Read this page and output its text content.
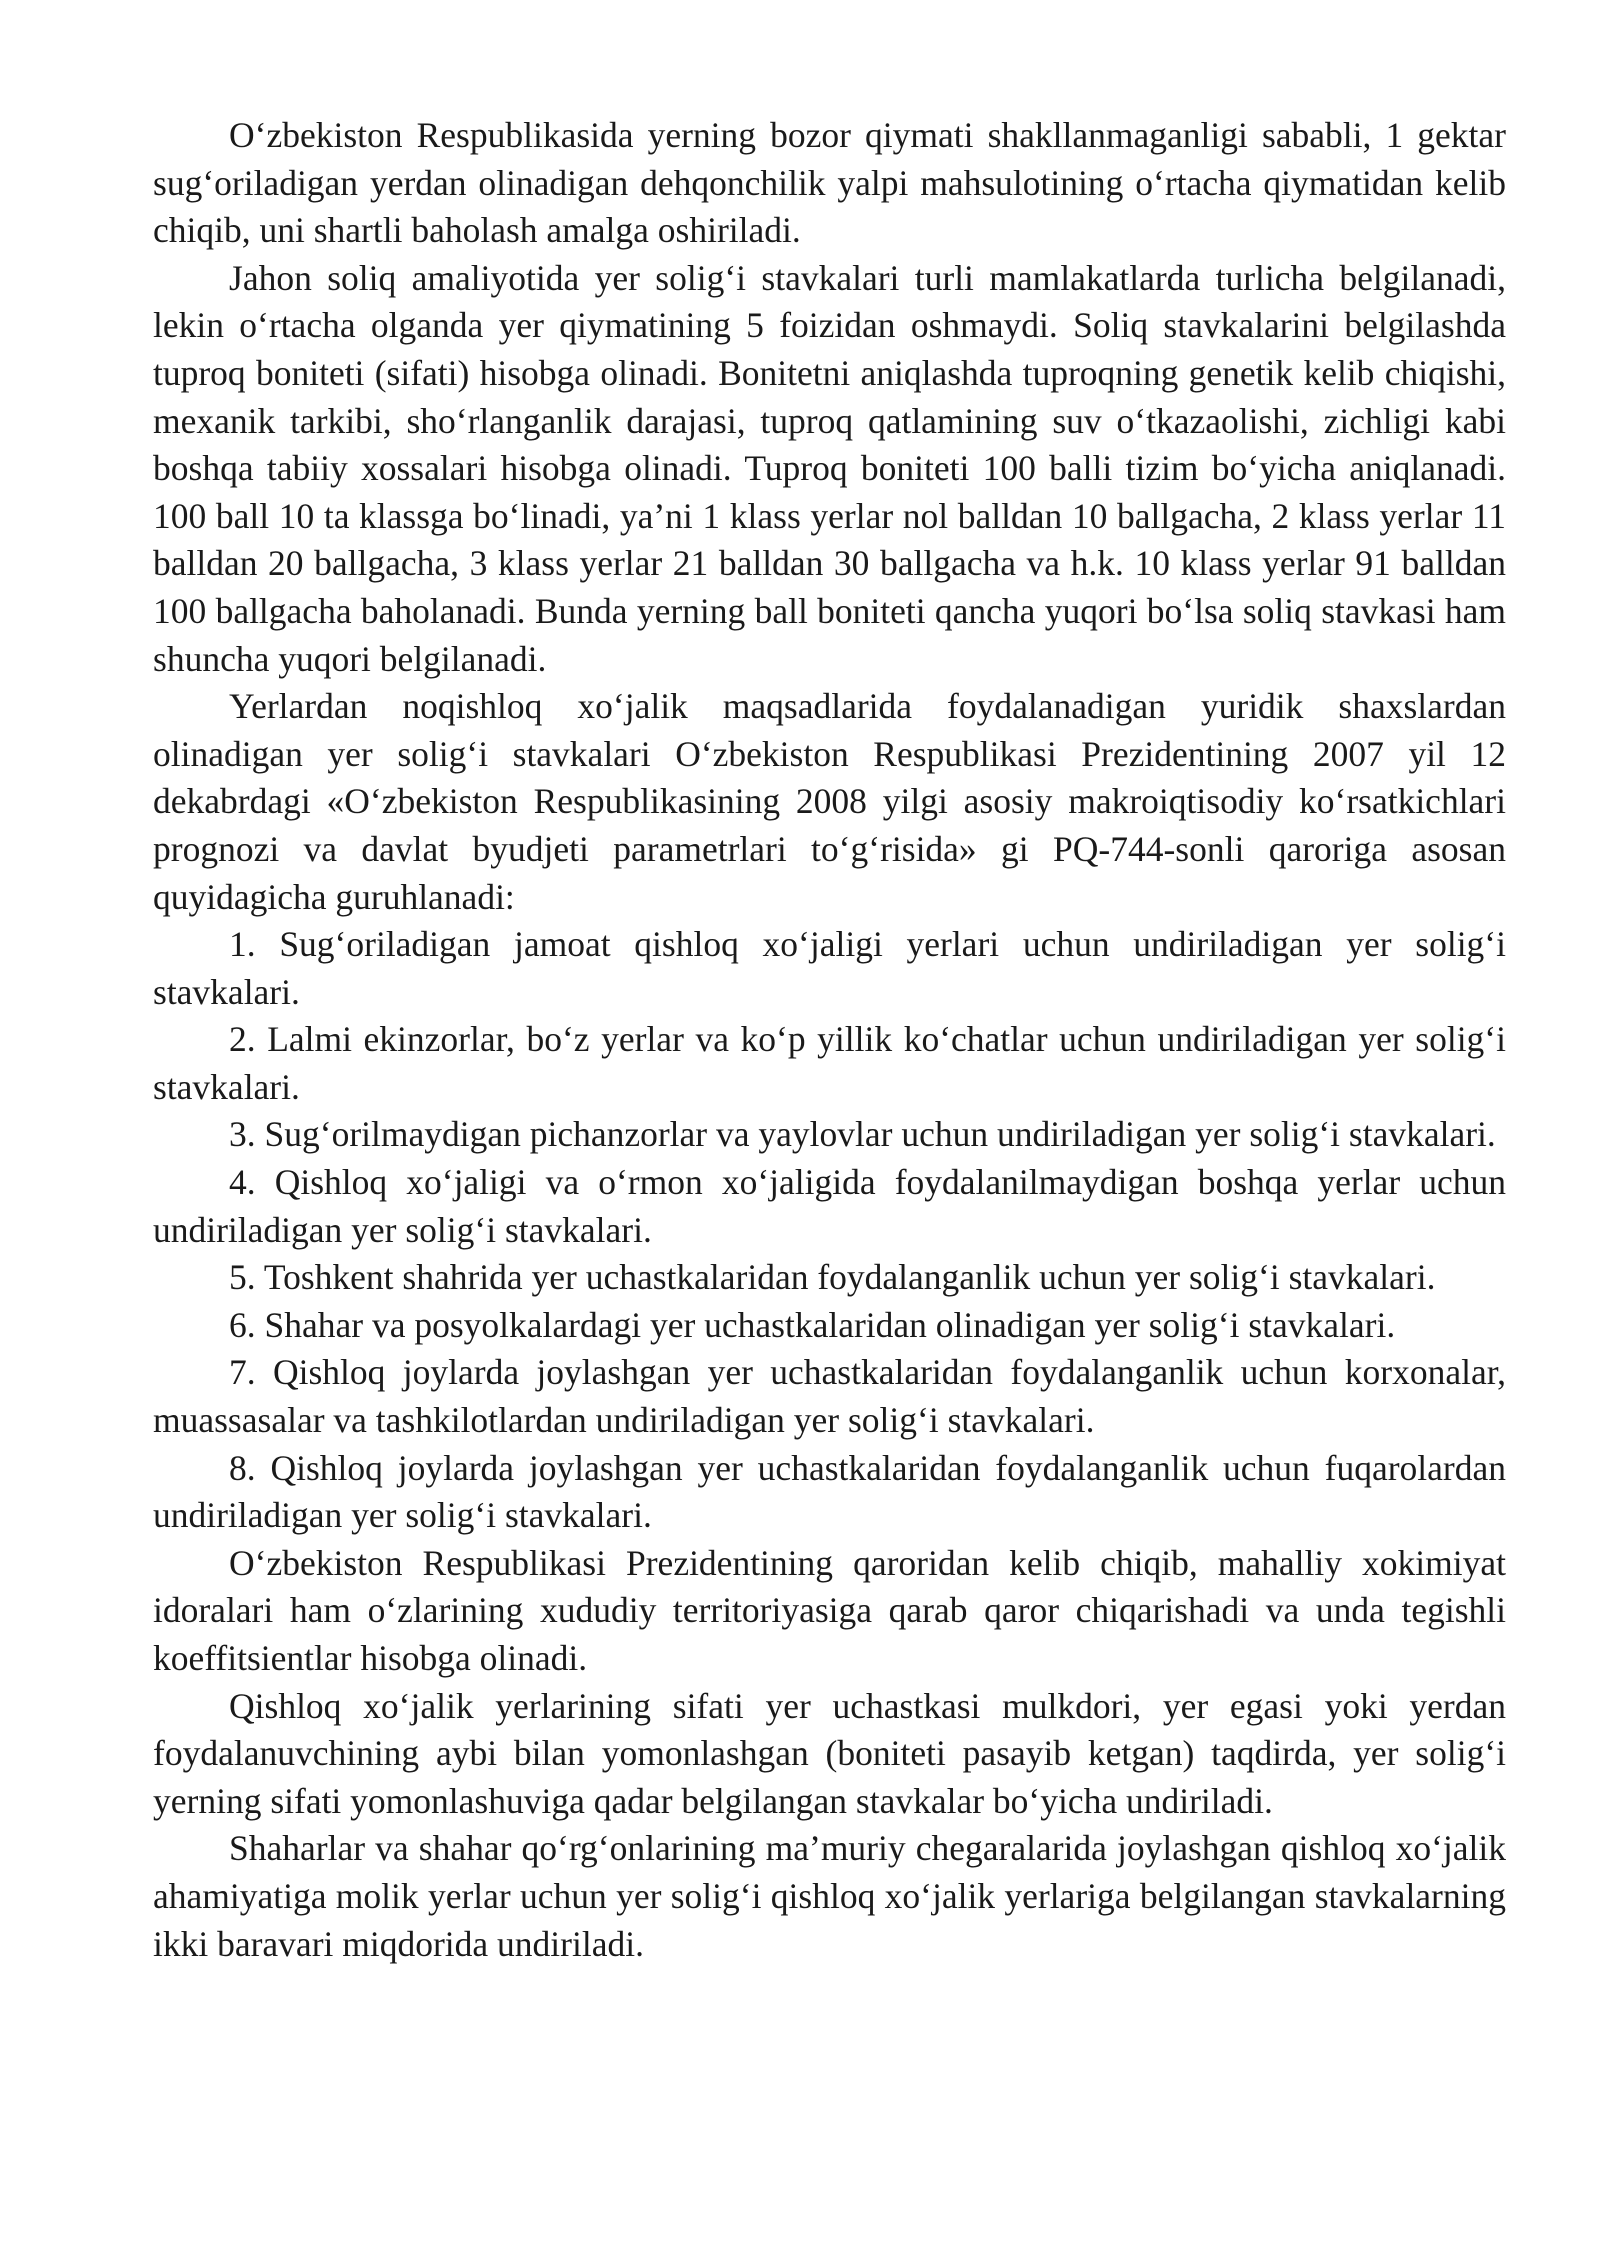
O‘zbekiston Respublikasida yerning bozor qiymati shakllanmaganligi sababli, 1 gektar sug‘oriladigan yerdan olinadigan dehqonchilik yalpi mahsulotining o‘rtacha qiymatidan kelib chiqib, uni shartli baholash amalga oshiriladi.

Jahon soliq amaliyotida yer solig‘i stavkalari turli mamlakatlarda turlicha belgilanadi, lekin o‘rtacha olganda yer qiymatining 5 foizidan oshmaydi. Soliq stavkalarini belgilashda tuproq boniteti (sifati) hisobga olinadi. Bonitetni aniqlashda tuproqning genetik kelib chiqishi, mexanik tarkibi, sho‘rlanganlik darajasi, tuproq qatlamining suv o‘tkazaolishi, zichligi kabi boshqa tabiiy xossalari hisobga olinadi. Tuproq boniteti 100 balli tizim bo‘yicha aniqlanadi. 100 ball 10 ta klassga bo‘linadi, ya’ni 1 klass yerlar nol balldan 10 ballgacha, 2 klass yerlar 11 balldan 20 ballgacha, 3 klass yerlar 21 balldan 30 ballgacha va h.k. 10 klass yerlar 91 balldan 100 ballgacha baholanadi. Bunda yerning ball boniteti qancha yuqori bo‘lsa soliq stavkasi ham shuncha yuqori belgilanadi.

Yerlardan noqishloq xo‘jalik maqsadlarida foydalanadigan yuridik shaxslardan olinadigan yer solig‘i stavkalari O‘zbekiston Respublikasi Prezidentining 2007 yil 12 dekabrdagi «O‘zbekiston Respublikasining 2008 yilgi asosiy makroiqtisodiy ko‘rsatkichlari prognozi va davlat byudjeti parametrlari to‘g‘risida» gi PQ-744-sonli qaroriga asosan quyidagicha guruhlanadi:

1. Sug‘oriladigan jamoat qishloq xo‘jaligi yerlari uchun undiriladigan yer solig‘i stavkalari.

2. Lalmi ekinzorlar, bo‘z yerlar va ko‘p yillik ko‘chatlar uchun undiriladigan yer solig‘i stavkalari.

3. Sug‘orilmaydigan pichanzorlar va yaylovlar uchun undiriladigan yer solig‘i stavkalari.

4. Qishloq xo‘jaligi va o‘rmon xo‘jaligida foydalanilmaydigan boshqa yerlar uchun undiriladigan yer solig‘i stavkalari.

5. Toshkent shahrida yer uchastkalaridan foydalanganlik uchun yer solig‘i stavkalari.

6. Shahar va posyolkalardagi yer uchastkalaridan olinadigan yer solig‘i stavkalari.

7. Qishloq joylarda joylashgan yer uchastkalaridan foydalanganlik uchun korxonalar, muassasalar va tashkilotlardan undiriladigan yer solig‘i stavkalari.

8. Qishloq joylarda joylashgan yer uchastkalaridan foydalanganlik uchun fuqarolardan undiriladigan yer solig‘i stavkalari.

O‘zbekiston Respublikasi Prezidentining qaroridan kelib chiqib, mahalliy xokimiyat idoralari ham o‘zlarining xududiy territoriyasiga qarab qaror chiqarishadi va unda tegishli koeffitsientlar hisobga olinadi.

Qishloq xo‘jalik yerlarining sifati yer uchastkasi mulkdori, yer egasi yoki yerdan foydalanuvchining aybi bilan yomonlashgan (boniteti pasayib ketgan) taqdirda, yer solig‘i yerning sifati yomonlashuviga qadar belgilangan stavkalar bo‘yicha undiriladi.

Shaharlar va shahar qo‘rg‘onlarining ma’muriy chegaralarida joylashgan qishloq xo‘jalik ahamiyatiga molik yerlar uchun yer solig‘i qishloq xo‘jalik yerlariga belgilangan stavkalarning ikki baravari miqdorida undiriladi.
